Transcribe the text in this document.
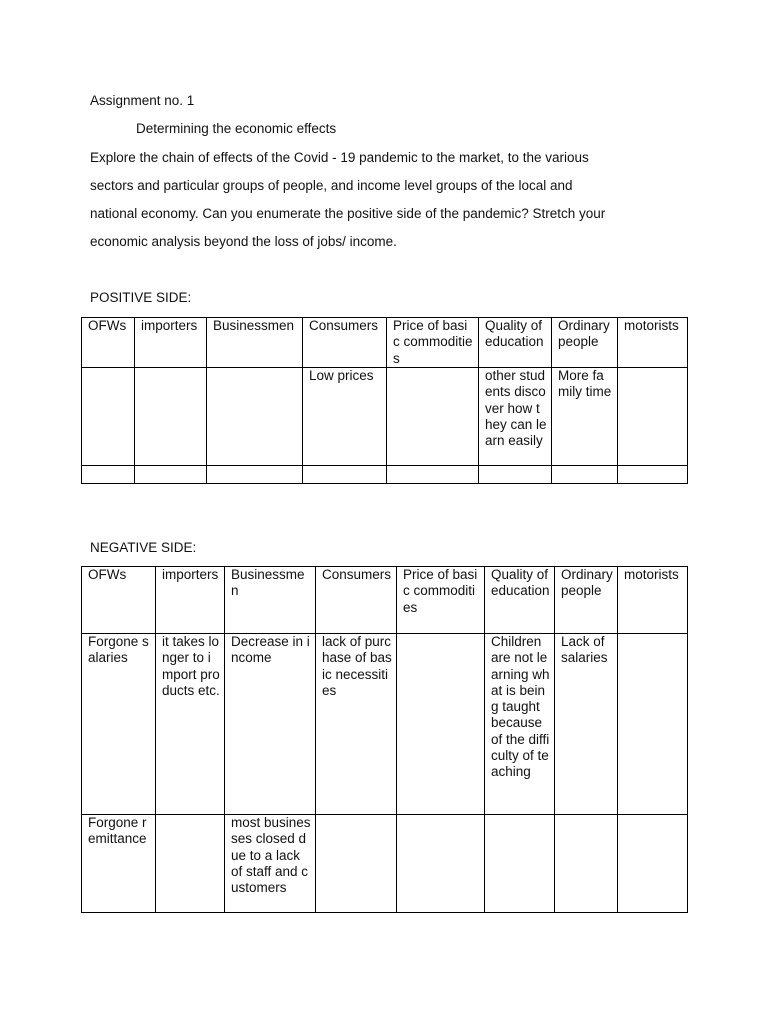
Assignment no. 1
Determining the economic effects
Explore the chain of effects of the Covid - 19 pandemic to the market, to the various
sectors and particular groups of people, and income level groups of the local and
national economy. Can you enumerate the positive side of the pandemic? Stretch your
economic analysis beyond the loss of jobs/ income.
POSITIVE SIDE:
OFWs	importers	Businessmen	Consumers	Price of basic commodities	Quality of education	Ordinary people	motorists
			Low prices		other students discover how they can learn easily	More family time	

NEGATIVE SIDE:
OFWs	importers	Businessmen	Consumers	Price of basic commodities	Quality of education	Ordinary people	motorists
Forgone salaries	it takes longer to import products etc.	Decrease in income	lack of purchase of basic necessities		Children are not learning what is being taught because of the difficulty of teaching	Lack of salaries	
Forgone remittance		most businesses closed due to a lack of staff and customers					
